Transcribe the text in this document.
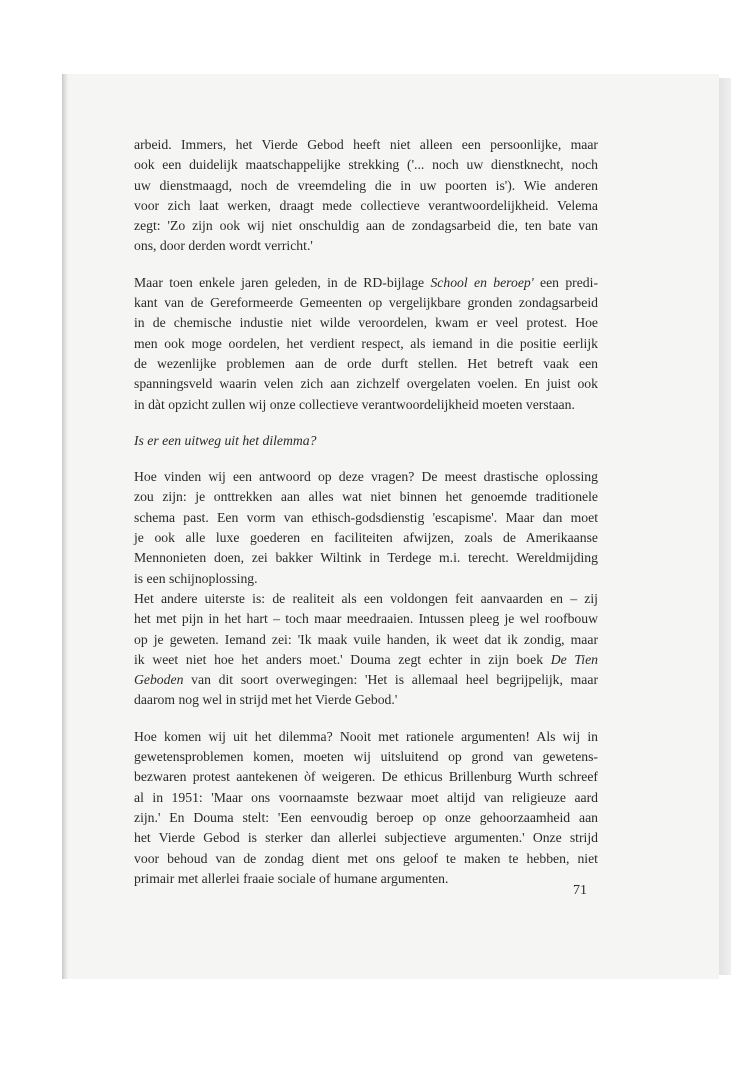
arbeid. Immers, het Vierde Gebod heeft niet alleen een persoonlijke, maar
ook een duidelijk maatschappelijke strekking ('... noch uw dienstknecht, noch
uw dienstmaagd, noch de vreemdeling die in uw poorten is'). Wie anderen
voor zich laat werken, draagt mede collectieve verantwoordelijkheid. Velema
zegt: 'Zo zijn ook wij niet onschuldig aan de zondagsarbeid die, ten bate van
ons, door derden wordt verricht.'
Maar toen enkele jaren geleden, in de RD-bijlage School en beroep' een predi-
kant van de Gereformeerde Gemeenten op vergelijkbare gronden zondagsarbeid
in de chemische industie niet wilde veroordelen, kwam er veel protest. Hoe
men ook moge oordelen, het verdient respect, als iemand in die positie eerlijk
de wezenlijke problemen aan de orde durft stellen. Het betreft vaak een
spanningsveld waarin velen zich aan zichzelf overgelaten voelen. En juist ook
in dàt opzicht zullen wij onze collectieve verantwoordelijkheid moeten verstaan.

Is er een uitweg uit het dilemma?

Hoe vinden wij een antwoord op deze vragen? De meest drastische oplossing
zou zijn: je onttrekken aan alles wat niet binnen het genoemde traditionele
schema past. Een vorm van ethisch-godsdienstig 'escapisme'. Maar dan moet
je ook alle luxe goederen en faciliteiten afwijzen, zoals de Amerikaanse
Mennonieten doen, zei bakker Wiltink in Terdege m.i. terecht. Wereldmijding
is een schijnoplossing.
Het andere uiterste is: de realiteit als een voldongen feit aanvaarden en – zij
het met pijn in het hart – toch maar meedraaien. Intussen pleeg je wel roofbouw
op je geweten. Iemand zei: 'Ik maak vuile handen, ik weet dat ik zondig, maar
ik weet niet hoe het anders moet.' Douma zegt echter in zijn boek De Tien
Geboden van dit soort overwegingen: 'Het is allemaal heel begrijpelijk, maar
daarom nog wel in strijd met het Vierde Gebod.'
Hoe komen wij uit het dilemma? Nooit met rationele argumenten! Als wij in
gewetensproblemen komen, moeten wij uitsluitend op grond van gewetens-
bezwaren protest aantekenen òf weigeren. De ethicus Brillenburg Wurth schreef
al in 1951: 'Maar ons voornaamste bezwaar moet altijd van religieuze aard
zijn.' En Douma stelt: 'Een eenvoudig beroep op onze gehoorzaamheid aan
het Vierde Gebod is sterker dan allerlei subjectieve argumenten.' Onze strijd
voor behoud van de zondag dient met ons geloof te maken te hebben, niet
primair met allerlei fraaie sociale of humane argumenten.
71
